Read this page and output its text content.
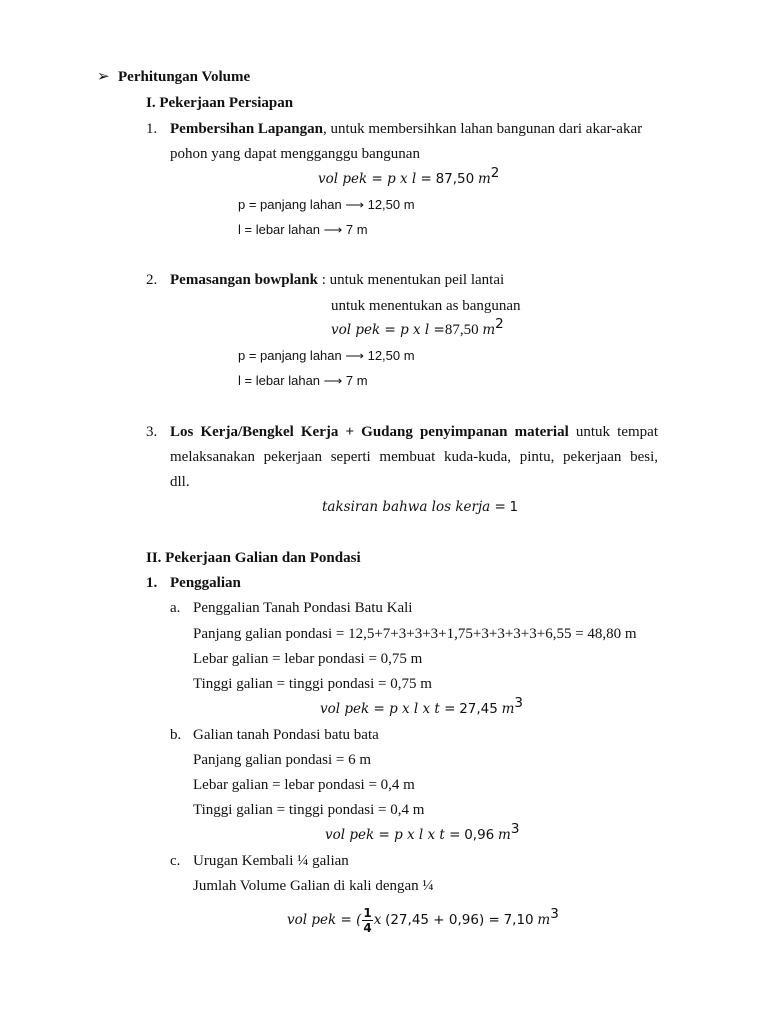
➢ Perhitungan Volume
I. Pekerjaan Persiapan
1. Pembersihan Lapangan, untuk membersihkan lahan bangunan dari akar-akar
pohon yang dapat mengganggu bangunan
vol pek = p x l = 87,50 $m^2$
p = panjang lahan ⟶ 12,50 m
l = lebar lahan ⟶ 7 m
2. Pemasangan bowplank : untuk menentukan peil lantai
untuk menentukan as bangunan
vol pek = p x l =87,50 $m^2$
p = panjang lahan ⟶ 12,50 m
l = lebar lahan ⟶ 7 m
3. Los Kerja/Bengkel Kerja + Gudang penyimpanan material untuk tempat
melaksanakan pekerjaan seperti membuat kuda-kuda, pintu, pekerjaan besi,
dll.
taksiran bahwa los kerja = 1
II. Pekerjaan Galian dan Pondasi
1. Penggalian
a. Penggalian Tanah Pondasi Batu Kali
Panjang galian pondasi = 12,5+7+3+3+3+1,75+3+3+3+3+6,55 = 48,80 m
Lebar galian = lebar pondasi = 0,75 m
Tinggi galian = tinggi pondasi = 0,75 m
vol pek = p x l x t = 27,45 $m^3$
b. Galian tanah Pondasi batu bata
Panjang galian pondasi = 6 m
Lebar galian = lebar pondasi = 0,4 m
Tinggi galian = tinggi pondasi = 0,4 m
vol pek = p x l x t = 0,96 $m^3$
c. Urugan Kembali ¼ galian
Jumlah Volume Galian di kali dengan ¼
vol pek = ( $\frac{1}{4}$ x (27,45 + 0,96) = 7,10 $m^3$
